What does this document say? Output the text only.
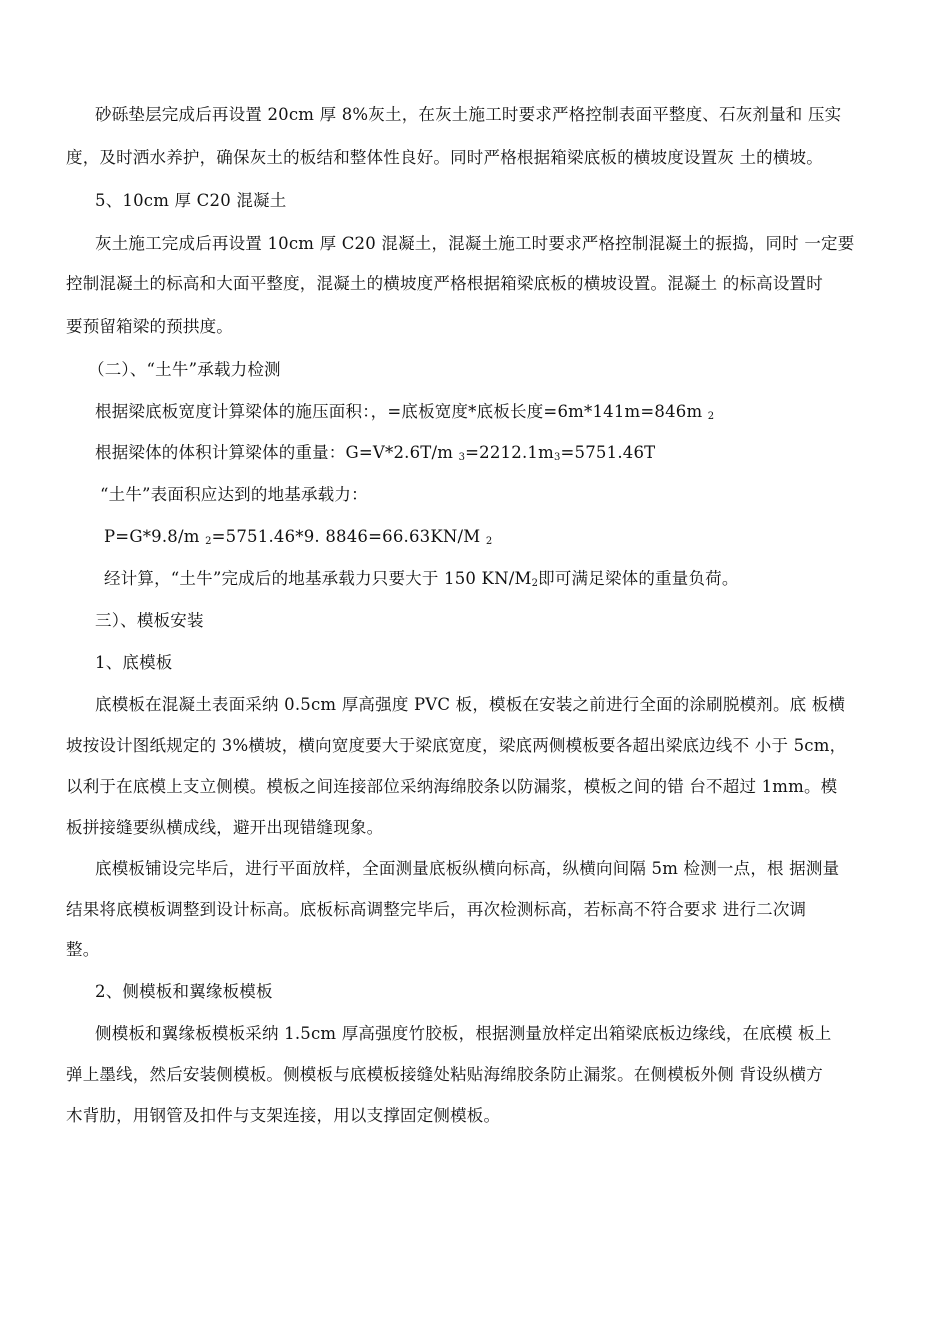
砂砾垫层完成后再设置 20cm 厚 8%灰土，在灰土施工时要求严格控制表面平整度、石灰剂量和 压实
度，及时洒水养护，确保灰土的板结和整体性良好。同时严格根据箱梁底板的横坡度设置灰 土的横坡。
5、10cm 厚 C20 混凝土
灰土施工完成后再设置 10cm 厚 C20 混凝土，混凝土施工时要求严格控制混凝土的振捣，同时 一定要
控制混凝土的标高和大面平整度，混凝土的横坡度严格根据箱梁底板的横坡设置。混凝土 的标高设置时
要预留箱梁的预拱度。
（二）、“土牛”承载力检测
根据梁底板宽度计算梁体的施压面积：，=底板宽度*底板长度=6m*141m=846m $_2$
根据梁体的体积计算梁体的重量：G=V*2.6T/m $_3=2212.1m_3=5751.46T$
“土牛”表面积应达到的地基承载力：
P=G*9.8/m $_2$=5751.46*9. 8846=66.63KN/M $_2$
经计算，“土牛”完成后的地基承载力只要大于 150 $KN/M_2$即可满足梁体的重量负荷。
三）、模板安装
1、底模板
底模板在混凝土表面采纳 0.5cm 厚高强度 PVC 板，模板在安装之前进行全面的涂刷脱模剂。底 板横
坡按设计图纸规定的 3%横坡，横向宽度要大于梁底宽度，梁底两侧模板要各超出梁底边线不 小于 5cm，
以利于在底模上支立侧模。模板之间连接部位采纳海绵胶条以防漏浆，模板之间的错 台不超过 1mm。模
板拼接缝要纵横成线，避开出现错缝现象。
底模板铺设完毕后，进行平面放样，全面测量底板纵横向标高，纵横向间隔 5m 检测一点，根 据测量
结果将底模板调整到设计标高。底板标高调整完毕后，再次检测标高，若标高不符合要求 进行二次调
整。
2、侧模板和翼缘板模板
侧模板和翼缘板模板采纳 1.5cm 厚高强度竹胶板，根据测量放样定出箱梁底板边缘线，在底模 板上
弹上墨线，然后安装侧模板。侧模板与底模板接缝处粘贴海绵胶条防止漏浆。在侧模板外侧 背设纵横方
木背肋，用钢管及扣件与支架连接，用以支撑固定侧模板。
